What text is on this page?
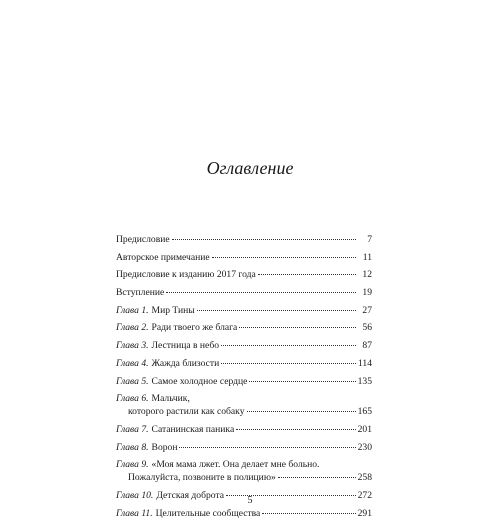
Оглавление
Предисловие	7
Авторское примечание	11
Предисловие к изданию 2017 года	12
Вступление	19
Глава 1. Мир Тины	27
Глава 2. Ради твоего же блага	56
Глава 3. Лестница в небо	87
Глава 4. Жажда близости	114
Глава 5. Самое холодное сердце	135
Глава 6. Мальчик,
которого растили как собаку	165
Глава 7. Сатанинская паника	201
Глава 8. Ворон	230
Глава 9. «Моя мама лжет. Она делает мне больно.
Пожалуйста, позвоните в полицию»	258
Глава 10. Детская доброта	272
Глава 11. Целительные сообщества	291
5
